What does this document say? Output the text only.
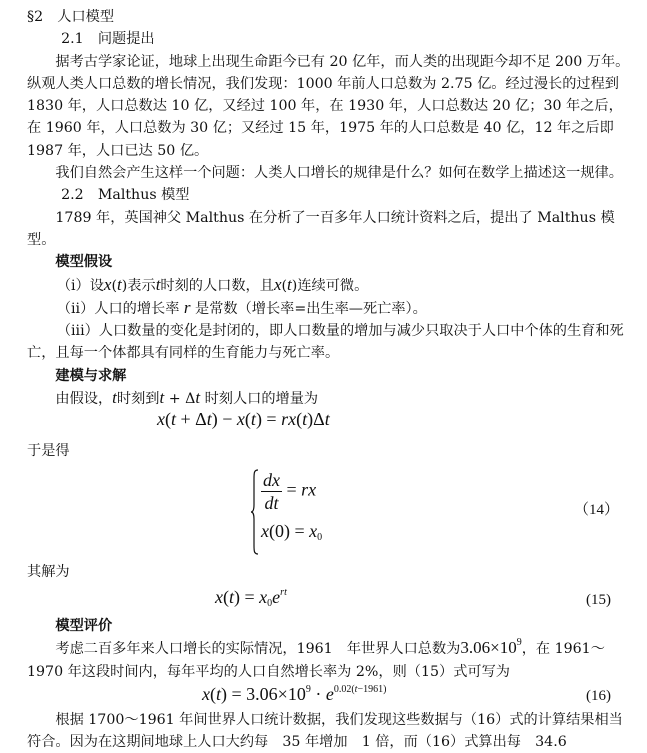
§2　人口模型

2.1　问题提出

据考古学家论证，地球上出现生命距今已有 20 亿年，而人类的出现距今却不足 200 万年。纵观人类人口总数的增长情况，我们发现：1000 年前人口总数为 2.75 亿。经过漫长的过程到 1830 年，人口总数达 10 亿，又经过 100 年，在 1930 年，人口总数达 20 亿；30 年之后，在 1960 年，人口总数为 30 亿；又经过 15 年，1975 年的人口总数是 40 亿，12 年之后即 1987 年，人口已达 50 亿。

我们自然会产生这样一个问题：人类人口增长的规律是什么？如何在数学上描述这一规律。

2.2　Malthus 模型

1789 年，英国神父 Malthus 在分析了一百多年人口统计资料之后，提出了 Malthus 模型。

模型假设

（i）设x(t)表示t时刻的人口数，且x(t)连续可微。

（ii）人口的增长率 r 是常数（增长率=出生率—死亡率）。

（iii）人口数量的变化是封闭的，即人口数量的增加与减少只取决于人口中个体的生育和死亡，且每一个体都具有同样的生育能力与死亡率。

建模与求解

由假设，t时刻到t + Δt 时刻人口的增量为

x(t + Δt) − x(t) = rx(t)Δt

于是得

$\frac{dx}{dt}$ = rx
$x(0) = x_0$
（14）

其解为

$x(t) = x_0e^{rt}$	(15)

模型评价

考虑二百多年来人口增长的实际情况，1961　年世界人口总数为$3.06\times 10^9$，在 1961～1970 年这段时间内，每年平均的人口自然增长率为 2%，则（15）式可写为

$x(t) = 3.06\times 10^9 \cdot e^{0.02(t-1961)}$	(16)

根据 1700～1961 年间世界人口统计数据，我们发现这些数据与（16）式的计算结果相当符合。因为在这期间地球上人口大约每　35 年增加　1 倍，而（16）式算出每　34.6
